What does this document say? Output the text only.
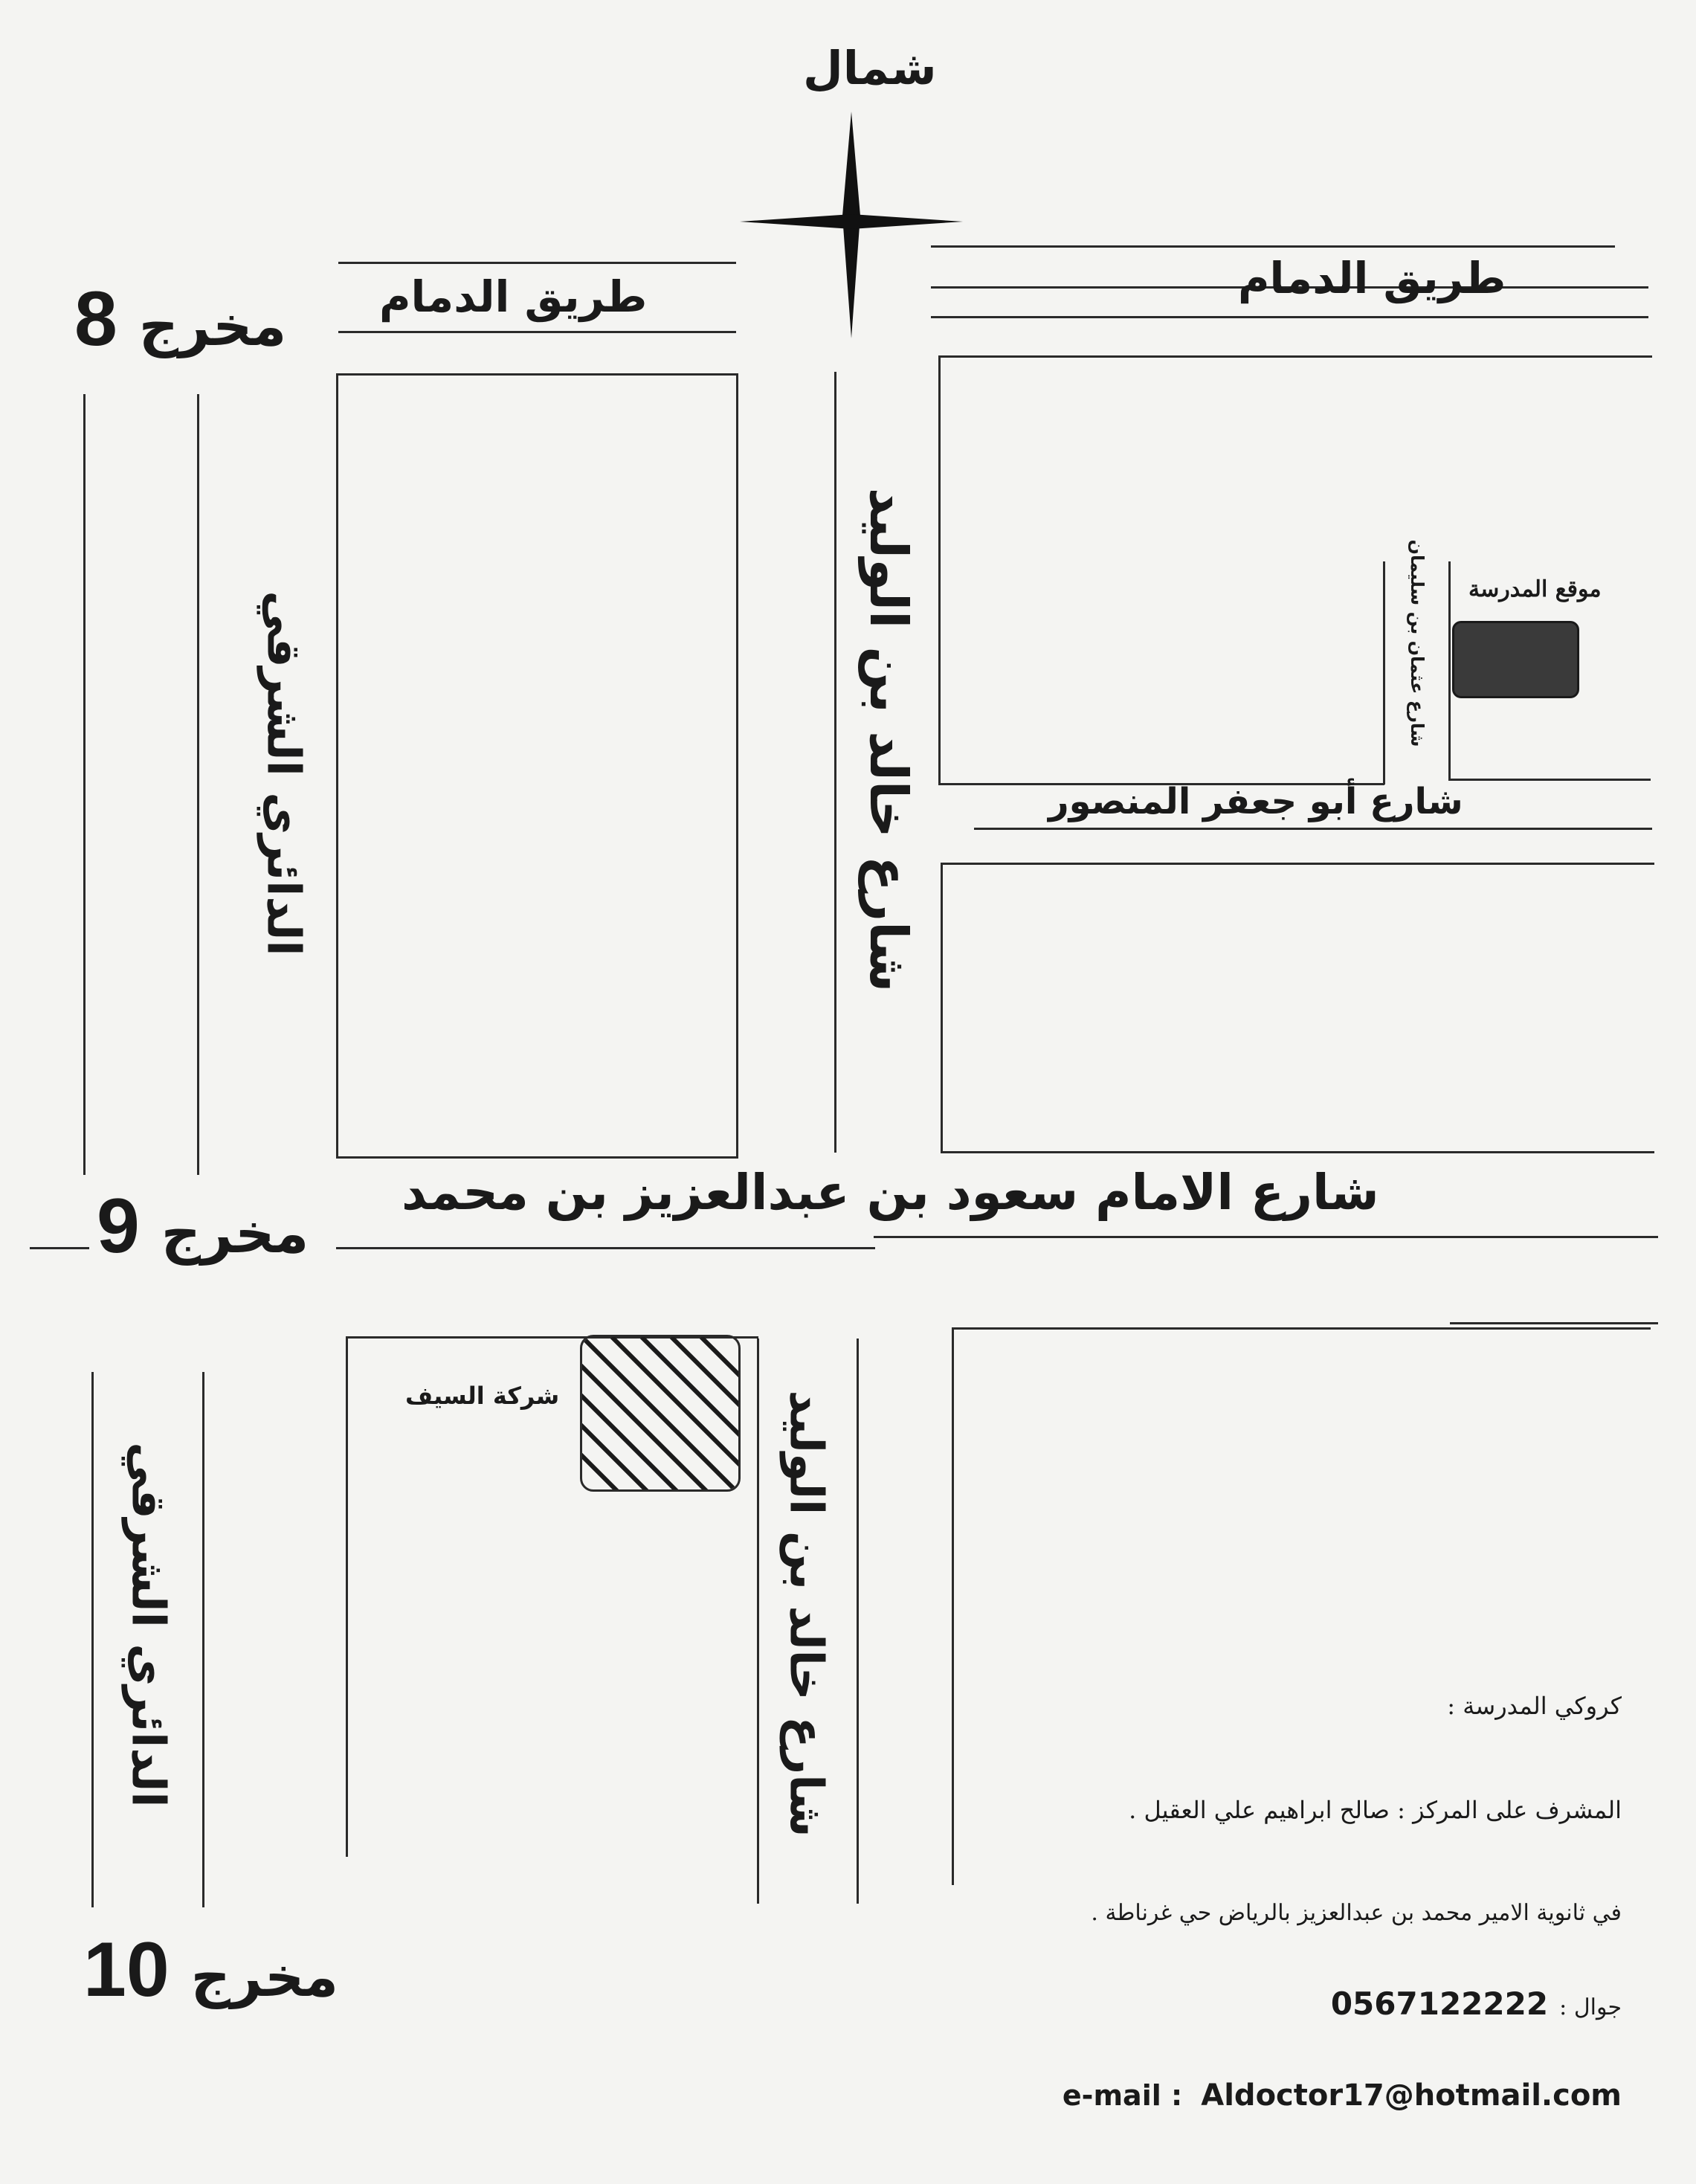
شمال
موقع المدرسة
شركة السيف
طريق الدمام	طريق الدمام
شارع أبو جعفر المنصور
شارع الامام سعود بن عبدالعزيز بن محمد
الدائري الشرقي
الدائري الشرقي
شارع خالد بن الوليد
شارع خالد بن الوليد
شارع عثمان بن سليمان
8 مخرج
9 مخرج
10 مخرج
كروكي المدرسة :
المشرف على المركز : صالح ابراهيم علي العقيل .
في ثانوية الامير محمد بن عبدالعزيز بالرياض حي غرناطة .
جوال : 0567122222
e-mail : Aldoctor17@hotmail.com
